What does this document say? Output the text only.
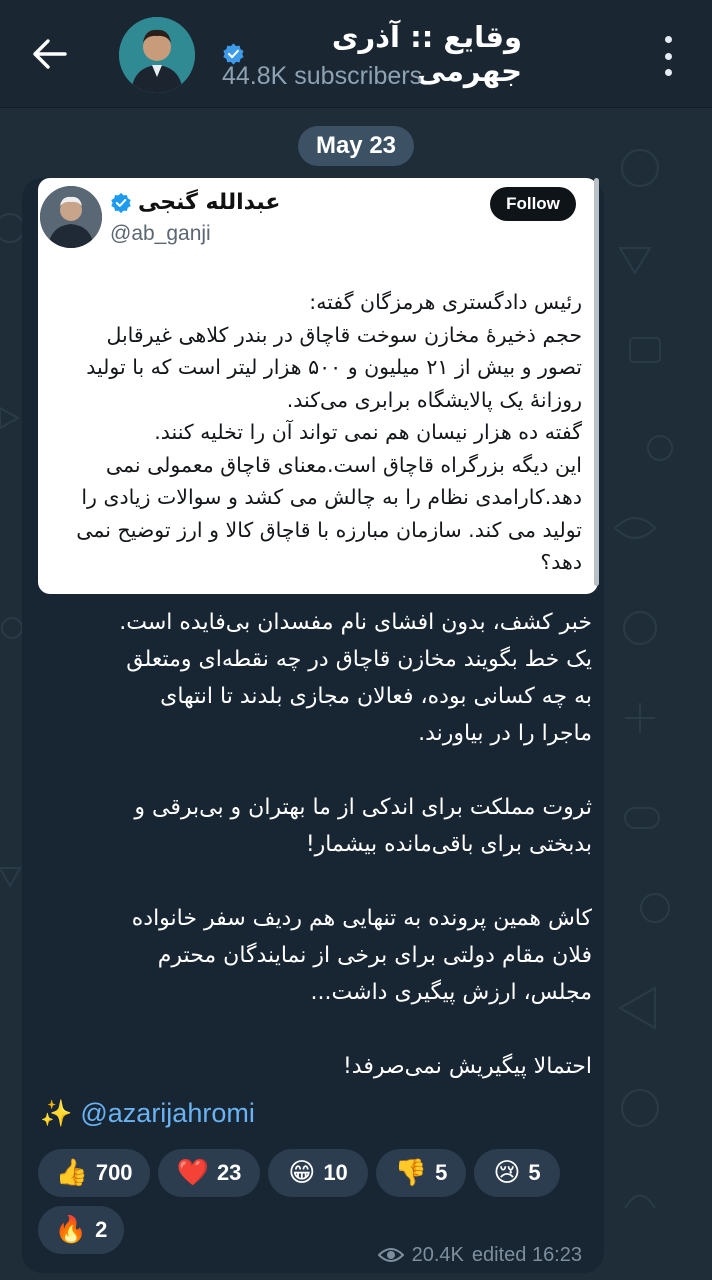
وقایع :: آذری جهرمی
44.8K subscribers
May 23
عبدالله گنجی
@ab_ganji
Follow

رئیس دادگستری هرمزگان گفته:

حجم ذخیرۀ مخازن سوخت قاچاق در بندر کلاهی غیرقابل

تصور و بیش از ۲۱ میلیون و ۵۰۰ هزار لیتر است که با تولید

روزانۀ یک پالایشگاه برابری می‌کند.

گفته ده هزار نیسان هم نمی تواند آن را تخلیه کنند.

این دیگه بزرگراه قاچاق است.معنای قاچاق معمولی نمی

دهد.کارامدی نظام را به چالش می کشد و سوالات زیادی را

تولید می کند. سازمان مبارزه با قاچاق کالا و ارز توضیح نمی

دهد؟

خبر کشف، بدون افشای نام مفسدان بی‌فایده است.

یک خط بگویند مخازن قاچاق در چه نقطه‌ای ومتعلق

به چه کسانی بوده، فعالان مجازی بلدند تا انتهای

ماجرا را در بیاورند.

ثروت مملکت برای اندکی از ما بهتران و بی‌برقی و

بدبختی برای باقی‌مانده بیشمار!

کاش همین پرونده به تنهایی هم ردیف سفر خانواده

فلان مقام دولتی برای برخی از نمایندگان محترم

مجلس، ارزش پیگیری داشت...

احتمالا پیگیریش نمی‌صرفد!

✨ @azarijahromi
👍 700 ❤️ 23 😁 10 👎 5 😢 5
🔥 2
20.4K edited 16:23
